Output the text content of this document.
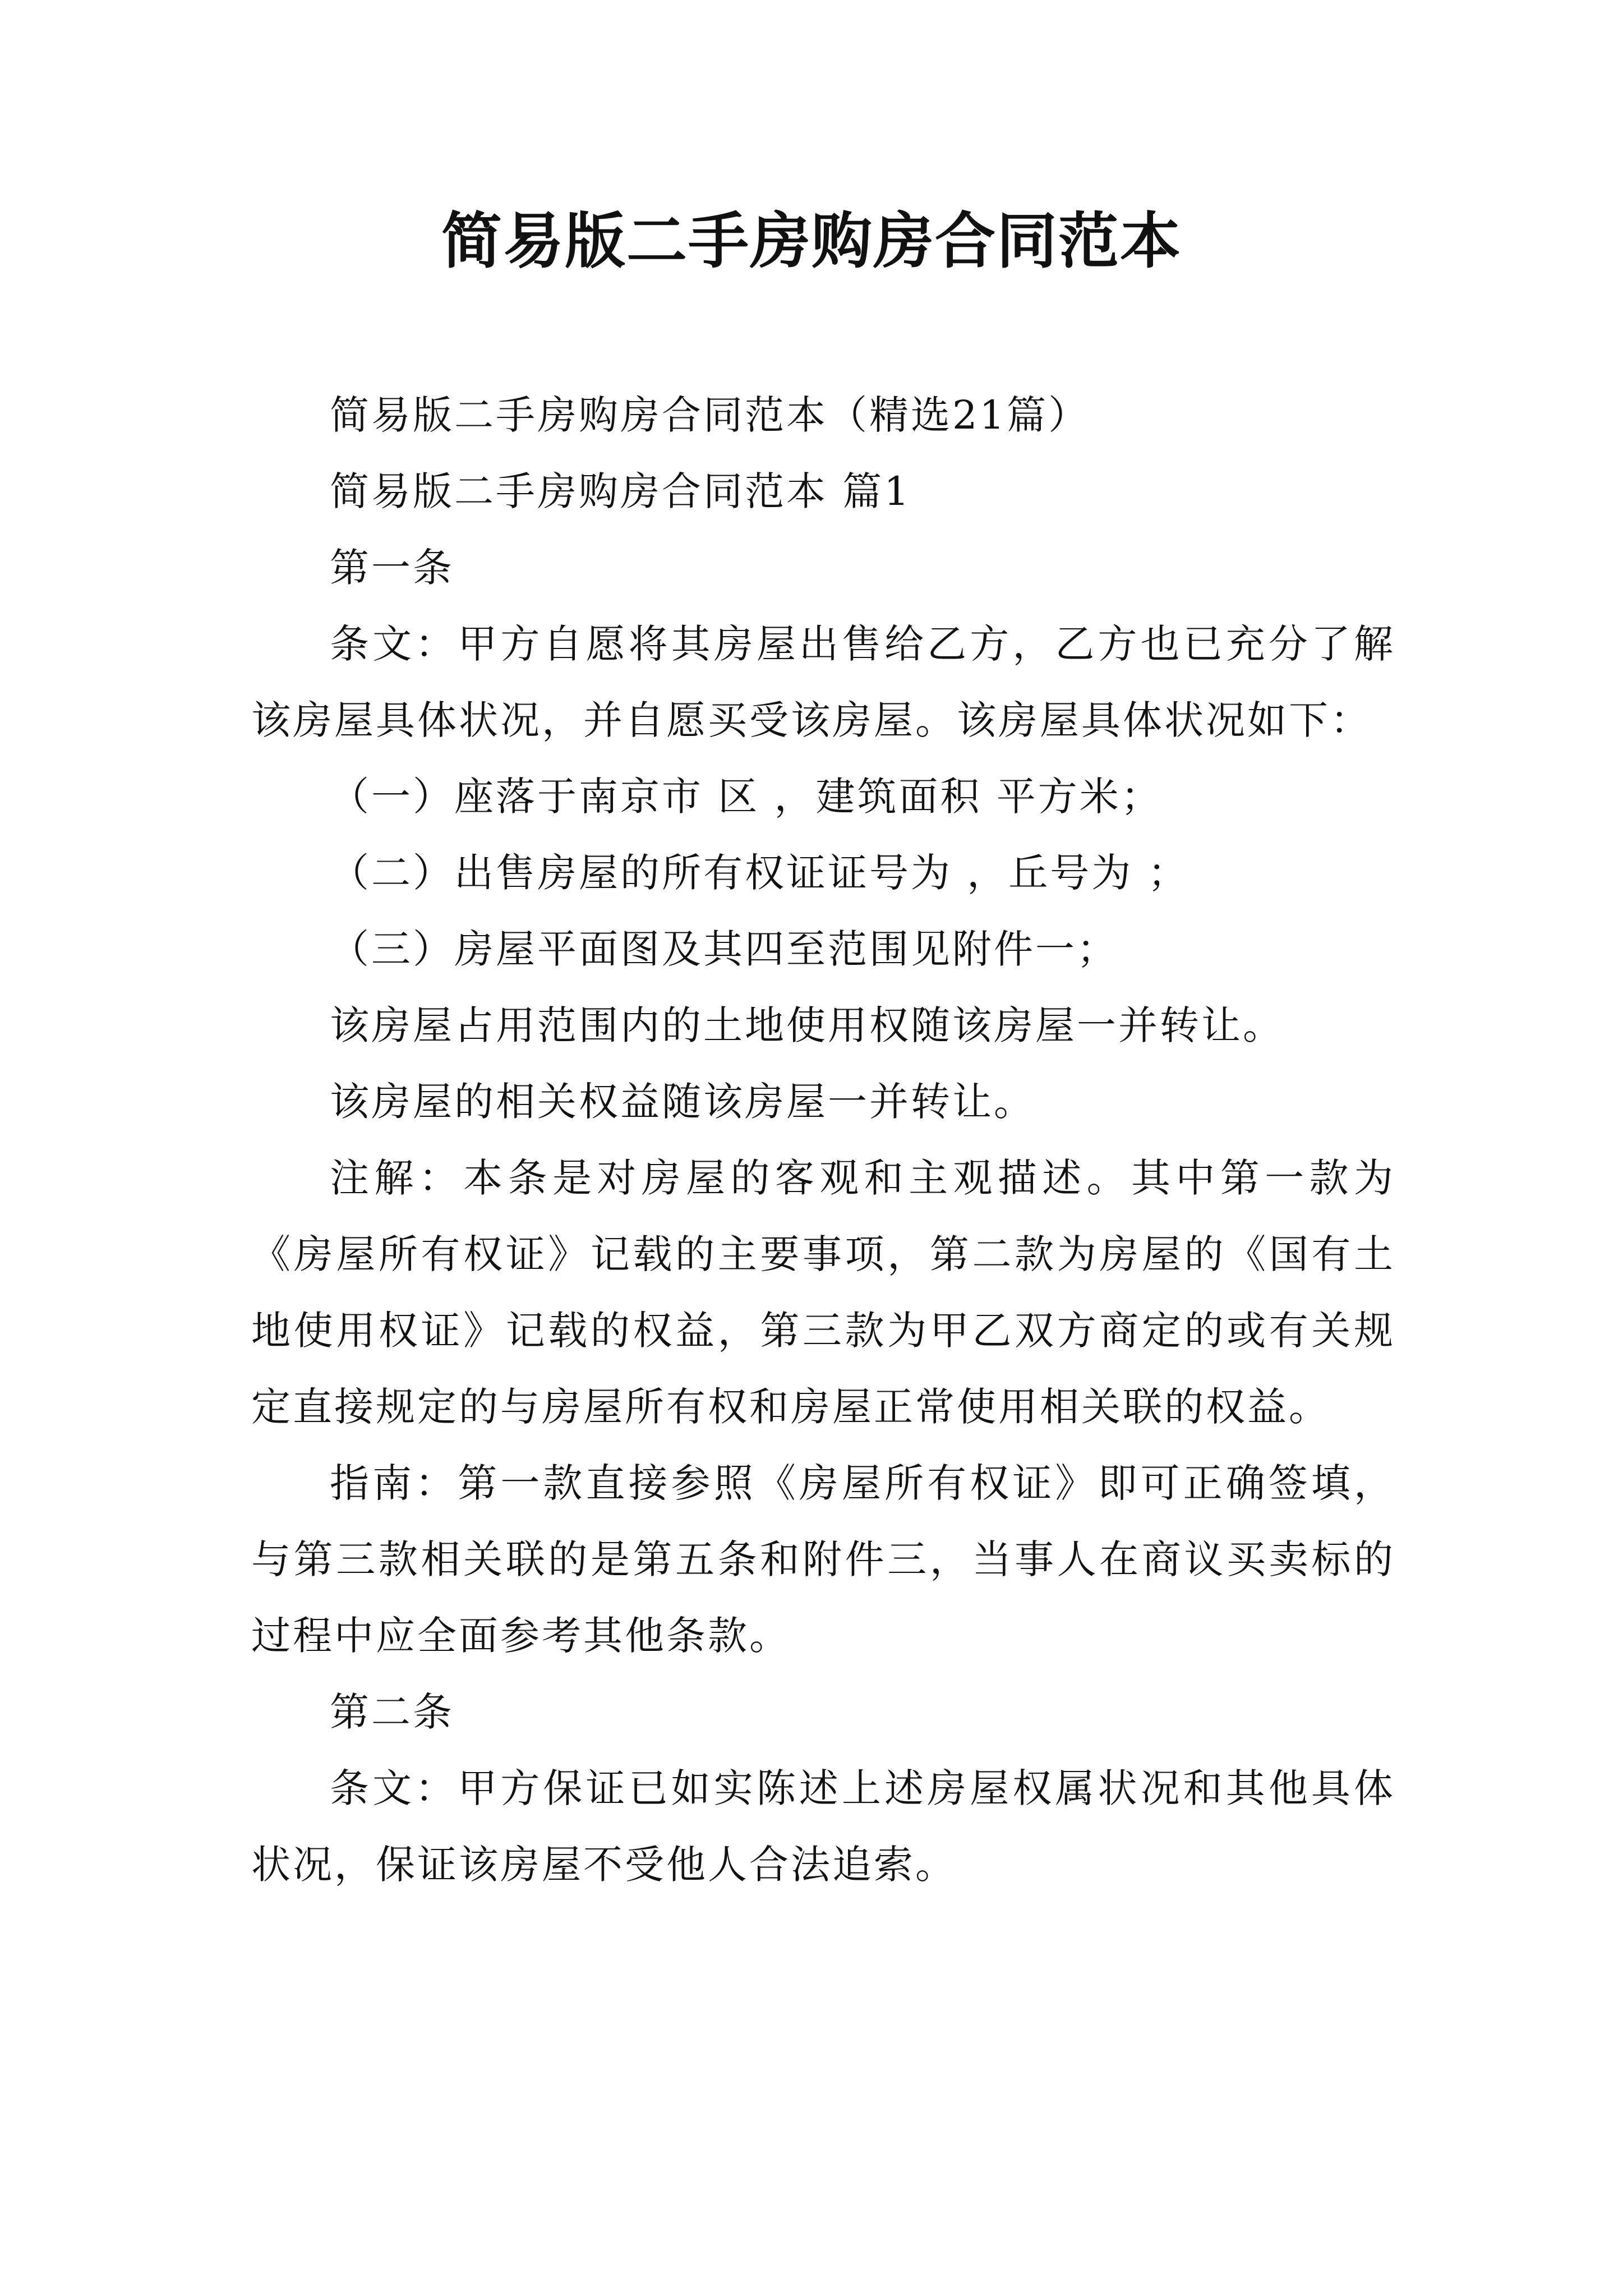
简易版二手房购房合同范本

简易版二手房购房合同范本（精选21篇）

简易版二手房购房合同范本 篇1

第一条

条文：甲方自愿将其房屋出售给乙方，乙方也已充分了解该房屋具体状况，并自愿买受该房屋。该房屋具体状况如下：

（一）座落于南京市 区 ，建筑面积 平方米；

（二）出售房屋的所有权证证号为 ，丘号为 ；

（三）房屋平面图及其四至范围见附件一；

该房屋占用范围内的土地使用权随该房屋一并转让。

该房屋的相关权益随该房屋一并转让。

注解：本条是对房屋的客观和主观描述。其中第一款为《房屋所有权证》记载的主要事项，第二款为房屋的《国有土地使用权证》记载的权益，第三款为甲乙双方商定的或有关规定直接规定的与房屋所有权和房屋正常使用相关联的权益。

指南：第一款直接参照《房屋所有权证》即可正确签填，与第三款相关联的是第五条和附件三，当事人在商议买卖标的过程中应全面参考其他条款。

第二条

条文：甲方保证已如实陈述上述房屋权属状况和其他具体状况，保证该房屋不受他人合法追索。
